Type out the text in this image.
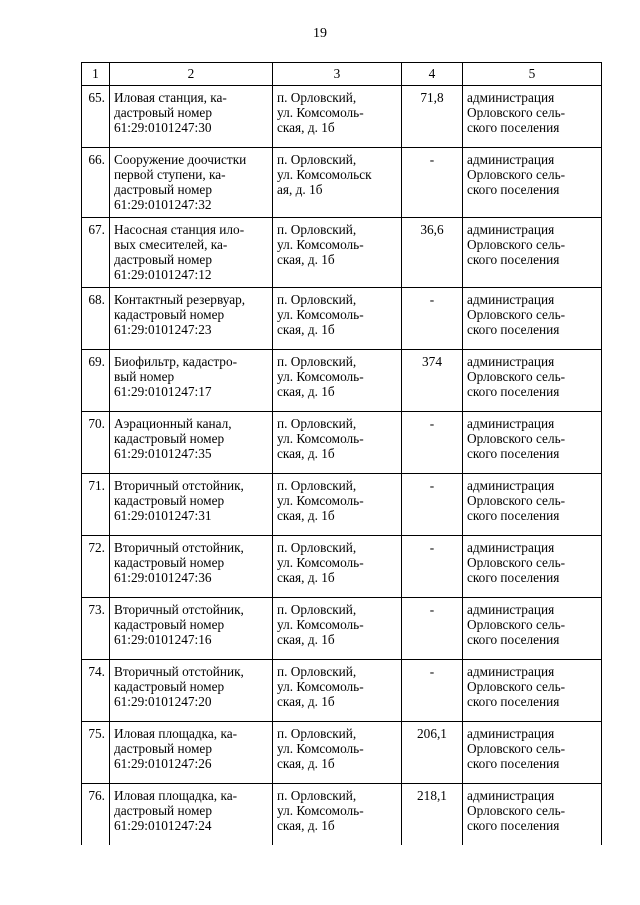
19
1	2	3	4	5
65.	Иловая станция, ка-
дастровый номер
61:29:0101247:30	п. Орловский,
ул. Комсомоль-
ская, д. 1б	71,8	администрация
Орловского сель-
ского поселения

66.	Сооружение доочистки
первой ступени, ка-
дастровый номер
61:29:0101247:32	п. Орловский,
ул. Комсомольск
ая, д. 1б	-	администрация
Орловского сель-
ского поселения

67.	Насосная станция ило-
вых смесителей, ка-
дастровый номер
61:29:0101247:12	п. Орловский,
ул. Комсомоль-
ская, д. 1б	36,6	администрация
Орловского сель-
ского поселения

68.	Контактный резервуар,
кадастровый номер
61:29:0101247:23	п. Орловский,
ул. Комсомоль-
ская, д. 1б	-	администрация
Орловского сель-
ского поселения

69.	Биофильтр, кадастро-
вый номер
61:29:0101247:17	п. Орловский,
ул. Комсомоль-
ская, д. 1б	374	администрация
Орловского сель-
ского поселения

70.	Аэрационный канал,
кадастровый номер
61:29:0101247:35	п. Орловский,
ул. Комсомоль-
ская, д. 1б	-	администрация
Орловского сель-
ского поселения

71.	Вторичный отстойник,
кадастровый номер
61:29:0101247:31	п. Орловский,
ул. Комсомоль-
ская, д. 1б	-	администрация
Орловского сель-
ского поселения

72.	Вторичный отстойник,
кадастровый номер
61:29:0101247:36	п. Орловский,
ул. Комсомоль-
ская, д. 1б	-	администрация
Орловского сель-
ского поселения

73.	Вторичный отстойник,
кадастровый номер
61:29:0101247:16	п. Орловский,
ул. Комсомоль-
ская, д. 1б	-	администрация
Орловского сель-
ского поселения

74.	Вторичный отстойник,
кадастровый номер
61:29:0101247:20	п. Орловский,
ул. Комсомоль-
ская, д. 1б	-	администрация
Орловского сель-
ского поселения

75.	Иловая площадка, ка-
дастровый номер
61:29:0101247:26	п. Орловский,
ул. Комсомоль-
ская, д. 1б	206,1	администрация
Орловского сель-
ского поселения

76.	Иловая площадка, ка-
дастровый номер
61:29:0101247:24	п. Орловский,
ул. Комсомоль-
ская, д. 1б	218,1	администрация
Орловского сель-
ского поселения
